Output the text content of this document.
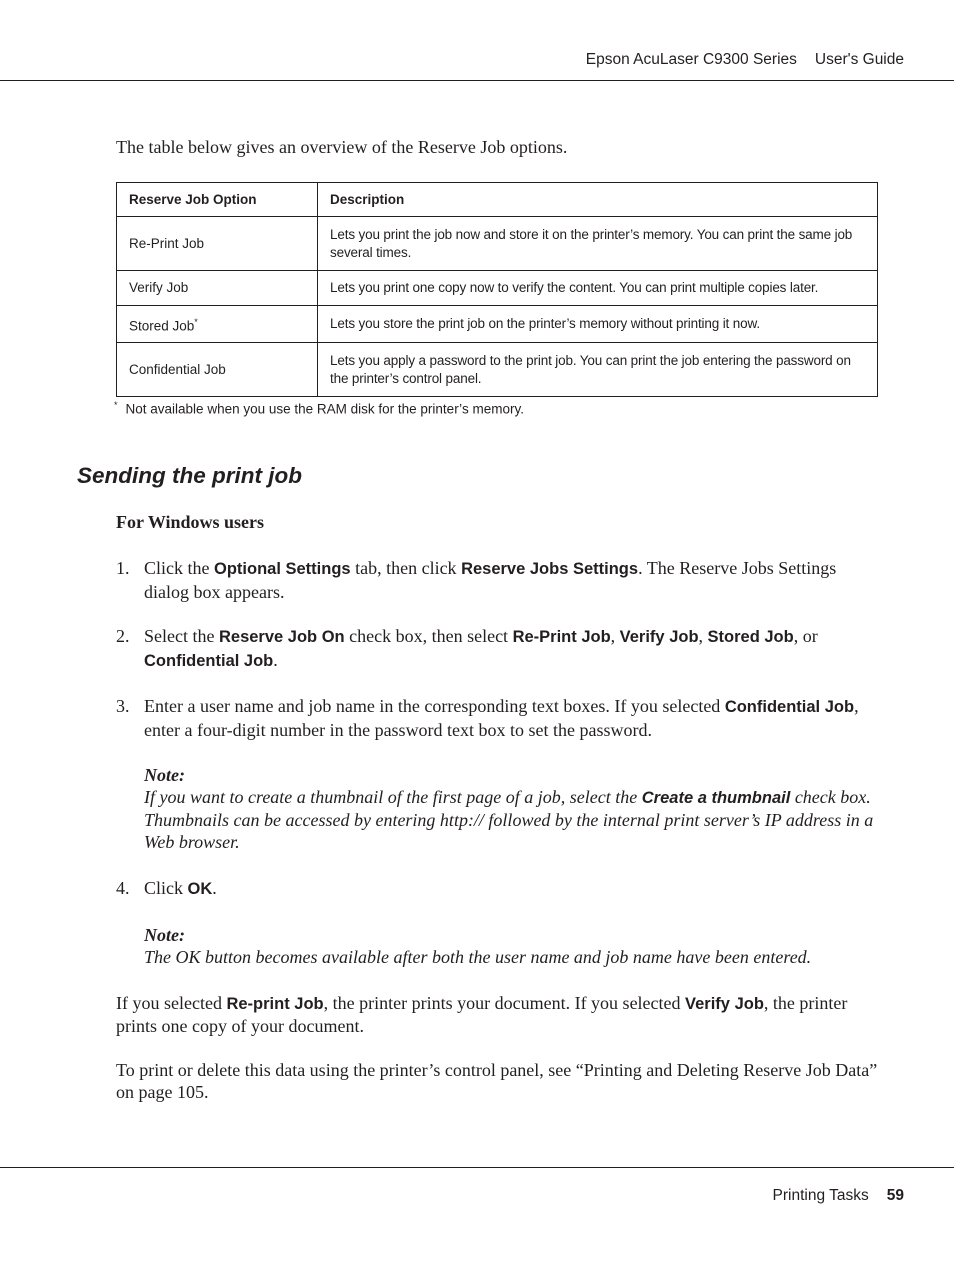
Epson AcuLaser C9300 Series User's Guide
The table below gives an overview of the Reserve Job options.
Reserve Job Option	Description
Re-Print Job	Lets you print the job now and store it on the printer’s memory. You can print the same job several times.
Verify Job	Lets you print one copy now to verify the content. You can print multiple copies later.
Stored Job*	Lets you store the print job on the printer’s memory without printing it now.
Confidential Job	Lets you apply a password to the print job. You can print the job entering the password on the printer’s control panel.
* Not available when you use the RAM disk for the printer’s memory.
Sending the print job
For Windows users
1. Click the Optional Settings tab, then click Reserve Jobs Settings. The Reserve Jobs Settings dialog box appears.
2. Select the Reserve Job On check box, then select Re-Print Job, Verify Job, Stored Job, or Confidential Job.
3. Enter a user name and job name in the corresponding text boxes. If you selected Confidential Job, enter a four-digit number in the password text box to set the password.
Note:
If you want to create a thumbnail of the first page of a job, select the Create a thumbnail check box. Thumbnails can be accessed by entering http:// followed by the internal print server’s IP address in a Web browser.
4. Click OK.
Note:
The OK button becomes available after both the user name and job name have been entered.
If you selected Re-print Job, the printer prints your document. If you selected Verify Job, the printer prints one copy of your document.
To print or delete this data using the printer’s control panel, see “Printing and Deleting Reserve Job Data” on page 105.
Printing Tasks 59
